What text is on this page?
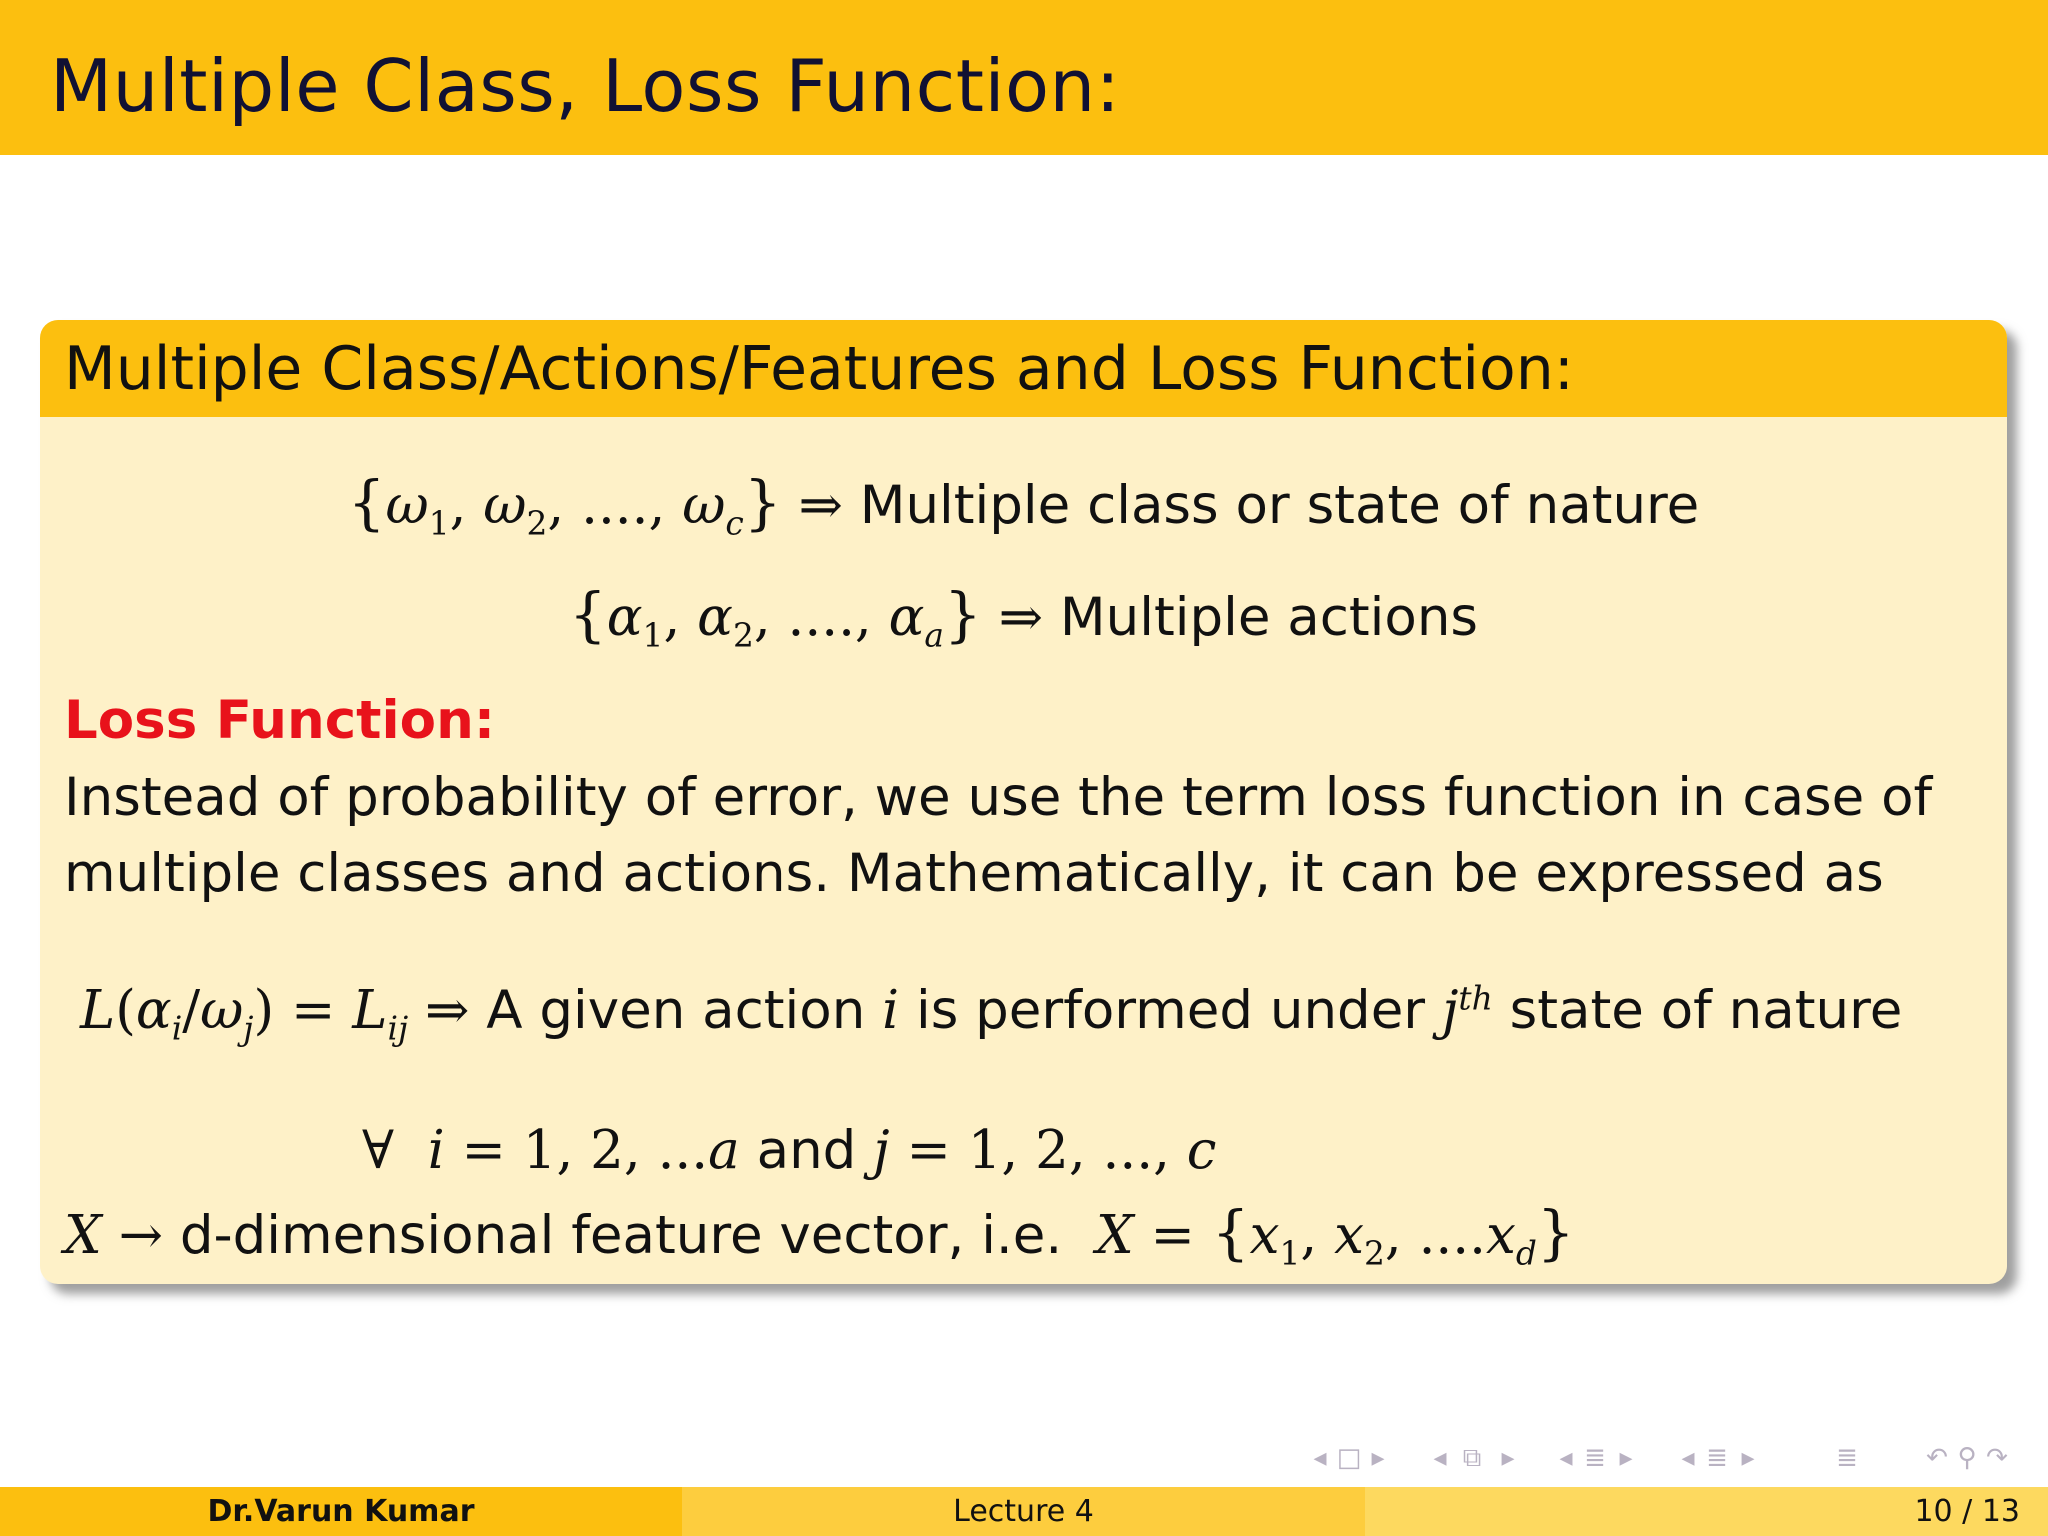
Multiple Class, Loss Function:
Multiple Class/Actions/Features and Loss Function:
{$\omega_1$, $\omega_2$, ...., $\omega_c$} ⇒ Multiple class or state of nature
{$\alpha_1$, $\alpha_2$, ...., $\alpha_a$} ⇒ Multiple actions
Loss Function:
Instead of probability of error, we use the term loss function in case of multiple classes and actions. Mathematically, it can be expressed as
$L(\alpha_i/\omega_j) = L_{ij}$ ⇒ A given action i is performed under $j^{th}$ state of nature
∀  i = 1, 2, ...a and j = 1, 2, ..., c
X → d-dimensional feature vector, i.e. $X = \{x_1$, $x_2$, $....x_d$}
◂ □ ▸ ◂ ⧉ ▸ ◂ ≣ ▸ ◂ ≣ ▸	≣	↶ ⚲ ↷
Dr.Varun Kumar	Lecture 4	10 / 13
